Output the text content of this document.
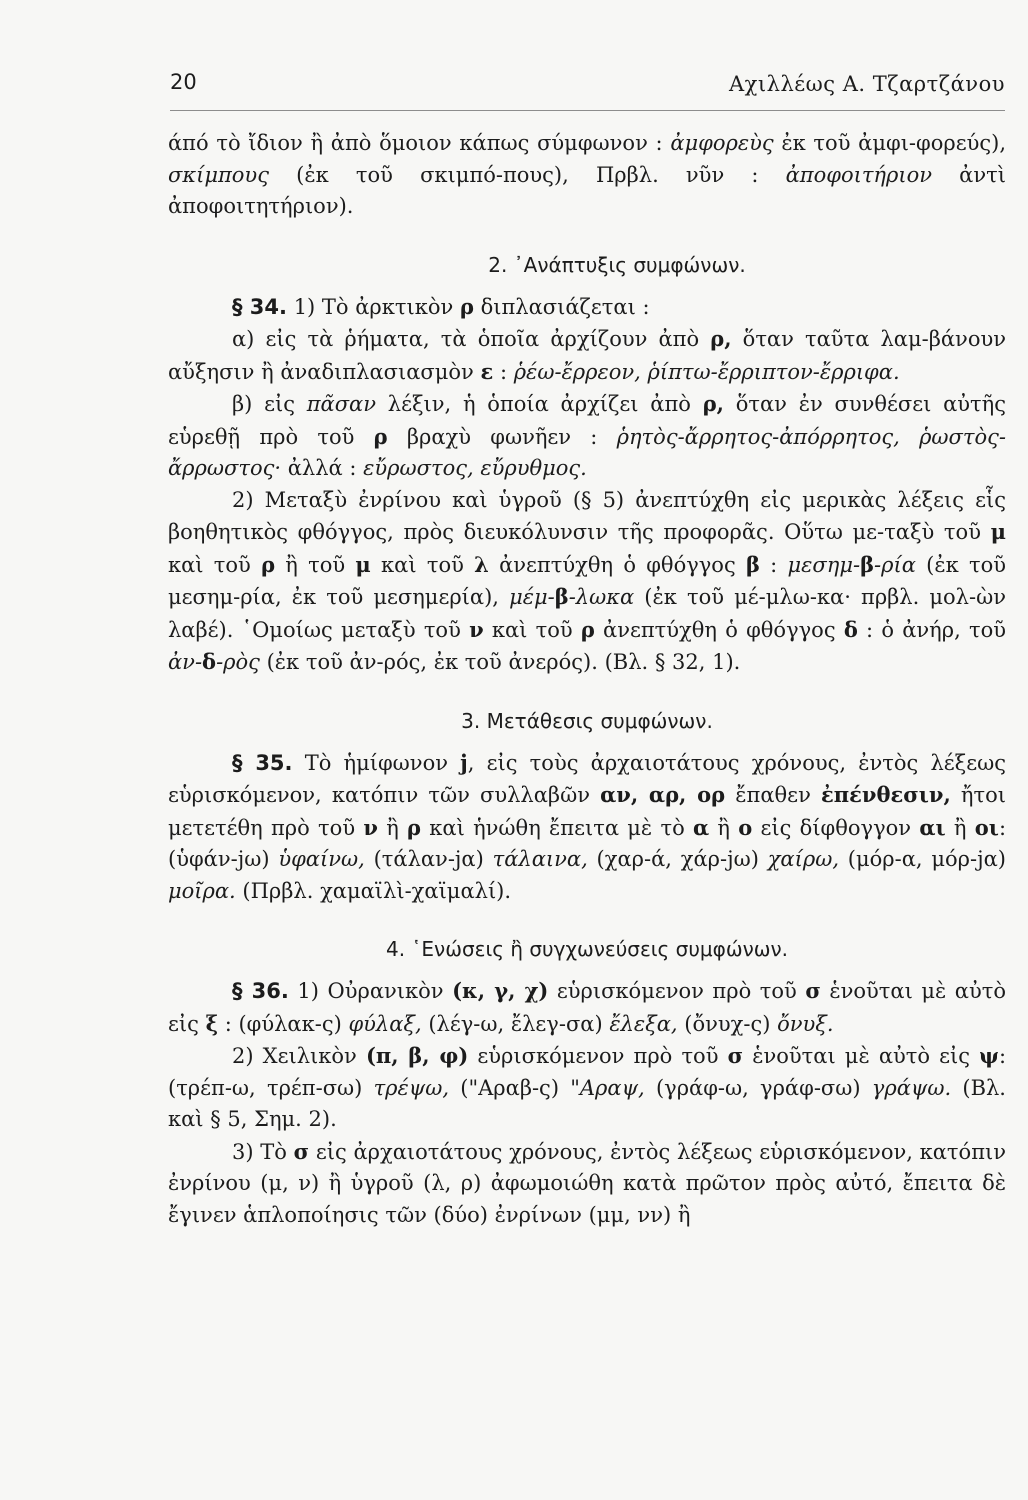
20	Αχιλλέως Α. Τζαρτζάνου

άπό τὸ ἴδιον ἢ ἀπὸ ὅμοιον κάπως σύμφωνον : ἀμφορεὺς ἐκ τοῦ ἀμφι-φορεύς), σκίμπους (ἐκ τοῦ σκιμπό-πους), Πρβλ. νῦν : ἀποφοιτήριον ἀντὶ ἀποφοιτητήριον).

2. ᾿Ανάπτυξις συμφώνων.

§ 34. 1) Τὸ ἀρκτικὸν ρ διπλασιάζεται :

α) εἰς τὰ ῥήματα, τὰ ὁποῖα ἀρχίζουν ἀπὸ ρ, ὅταν ταῦτα λαμ-βάνουν αὔξησιν ἢ ἀναδιπλασιασμὸν ε : ῥέω-ἔρρεον, ῥίπτω-ἔρριπτον-ἔρριφα.

β) εἰς πᾶσαν λέξιν, ἡ ὁποία ἀρχίζει ἀπὸ ρ, ὅταν ἐν συνθέσει αὐτῆς εὑρεθῇ πρὸ τοῦ ρ βραχὺ φωνῆεν : ῥητὸς-ἄρρητος-ἀπόρρητος, ῥωστὸς-ἄρρωστος· ἀλλά : εὔρωστος, εὔρυθμος.

2) Μεταξὺ ἐνρίνου καὶ ὑγροῦ (§ 5) ἀνεπτύχθη εἰς μερικὰς λέξεις εἷς βοηθητικὸς φθόγγος, πρὸς διευκόλυνσιν τῆς προφορᾶς. Οὕτω με-ταξὺ τοῦ μ καὶ τοῦ ρ ἢ τοῦ μ καὶ τοῦ λ ἀνεπτύχθη ὁ φθόγγος β : μεσημ-β-ρία (ἐκ τοῦ μεσημ-ρία, ἐκ τοῦ μεσημερία), μέμ-β-λωκα (ἐκ τοῦ μέ-μλω-κα· πρβλ. μολ-ὼν λαβέ). ῾Ομοίως μεταξὺ τοῦ ν καὶ τοῦ ρ ἀνεπτύχθη ὁ φθόγγος δ : ὁ ἀνήρ, τοῦ ἀν-δ-ρὸς (ἐκ τοῦ ἀν-ρός, ἐκ τοῦ ἀνερός). (Βλ. § 32, 1).

3. Μετάθεσις συμφώνων.

§ 35. Τὸ ἡμίφωνον j, εἰς τοὺς ἀρχαιοτάτους χρόνους, ἐντὸς λέξεως εὑρισκόμενον, κατόπιν τῶν συλλαβῶν αν, αρ, ορ ἔπαθεν ἐπένθεσιν, ἤτοι μετετέθη πρὸ τοῦ ν ἢ ρ καὶ ἡνώθη ἔπειτα μὲ τὸ α ἢ ο εἰς δίφθογγον αι ἢ οι: (ὑφάν-jω) ὑφαίνω, (τάλαν-jα) τάλαινα, (χαρ-ά, χάρ-jω) χαίρω, (μόρ-α, μόρ-jα) μοῖρα. (Πρβλ. χαμαϊλὶ-χαϊμαλί).

4. ῾Ενώσεις ἢ συγχωνεύσεις συμφώνων.

§ 36. 1) Οὐρανικὸν (κ, γ, χ) εὑρισκόμενον πρὸ τοῦ σ ἑνοῦται μὲ αὐτὸ εἰς ξ : (φύλακ-ς) φύλαξ, (λέγ-ω, ἔλεγ-σα) ἔλεξα, (ὄνυχ-ς) ὄνυξ.

2) Χειλικὸν (π, β, φ) εὑρισκόμενον πρὸ τοῦ σ ἑνοῦται μὲ αὐτὸ εἰς ψ: (τρέπ-ω, τρέπ-σω) τρέψω, ("Αραβ-ς) "Αραψ, (γράφ-ω, γράφ-σω) γράψω. (Βλ. καὶ § 5, Σημ. 2).

3) Τὸ σ εἰς ἀρχαιοτάτους χρόνους, ἐντὸς λέξεως εὑρισκόμενον, κατόπιν ἐνρίνου (μ, ν) ἢ ὑγροῦ (λ, ρ) ἀφωμοιώθη κατὰ πρῶτον πρὸς αὐτό, ἔπειτα δὲ ἔγινεν ἁπλοποίησις τῶν (δύο) ἐνρίνων (μμ, νν) ἢ
